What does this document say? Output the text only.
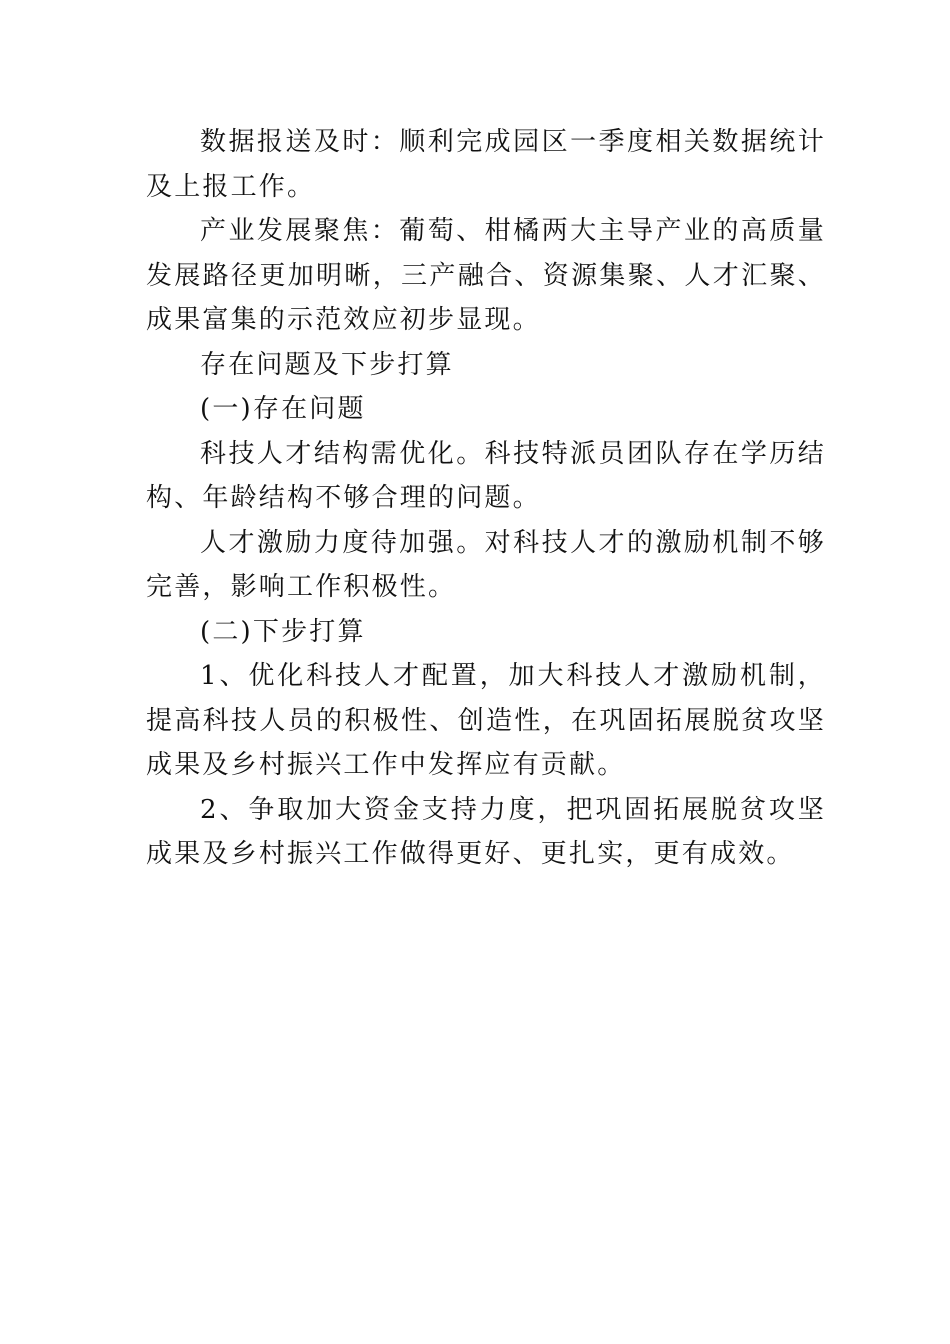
数据报送及时：顺利完成园区一季度相关数据统计及上报工作。

产业发展聚焦：葡萄、柑橘两大主导产业的高质量发展路径更加明晰，三产融合、资源集聚、人才汇聚、成果富集的示范效应初步显现。

存在问题及下步打算

(一)存在问题

科技人才结构需优化。科技特派员团队存在学历结构、年龄结构不够合理的问题。

人才激励力度待加强。对科技人才的激励机制不够完善，影响工作积极性。

(二)下步打算

1、优化科技人才配置，加大科技人才激励机制，提高科技人员的积极性、创造性，在巩固拓展脱贫攻坚成果及乡村振兴工作中发挥应有贡献。

2、争取加大资金支持力度，把巩固拓展脱贫攻坚成果及乡村振兴工作做得更好、更扎实，更有成效。
